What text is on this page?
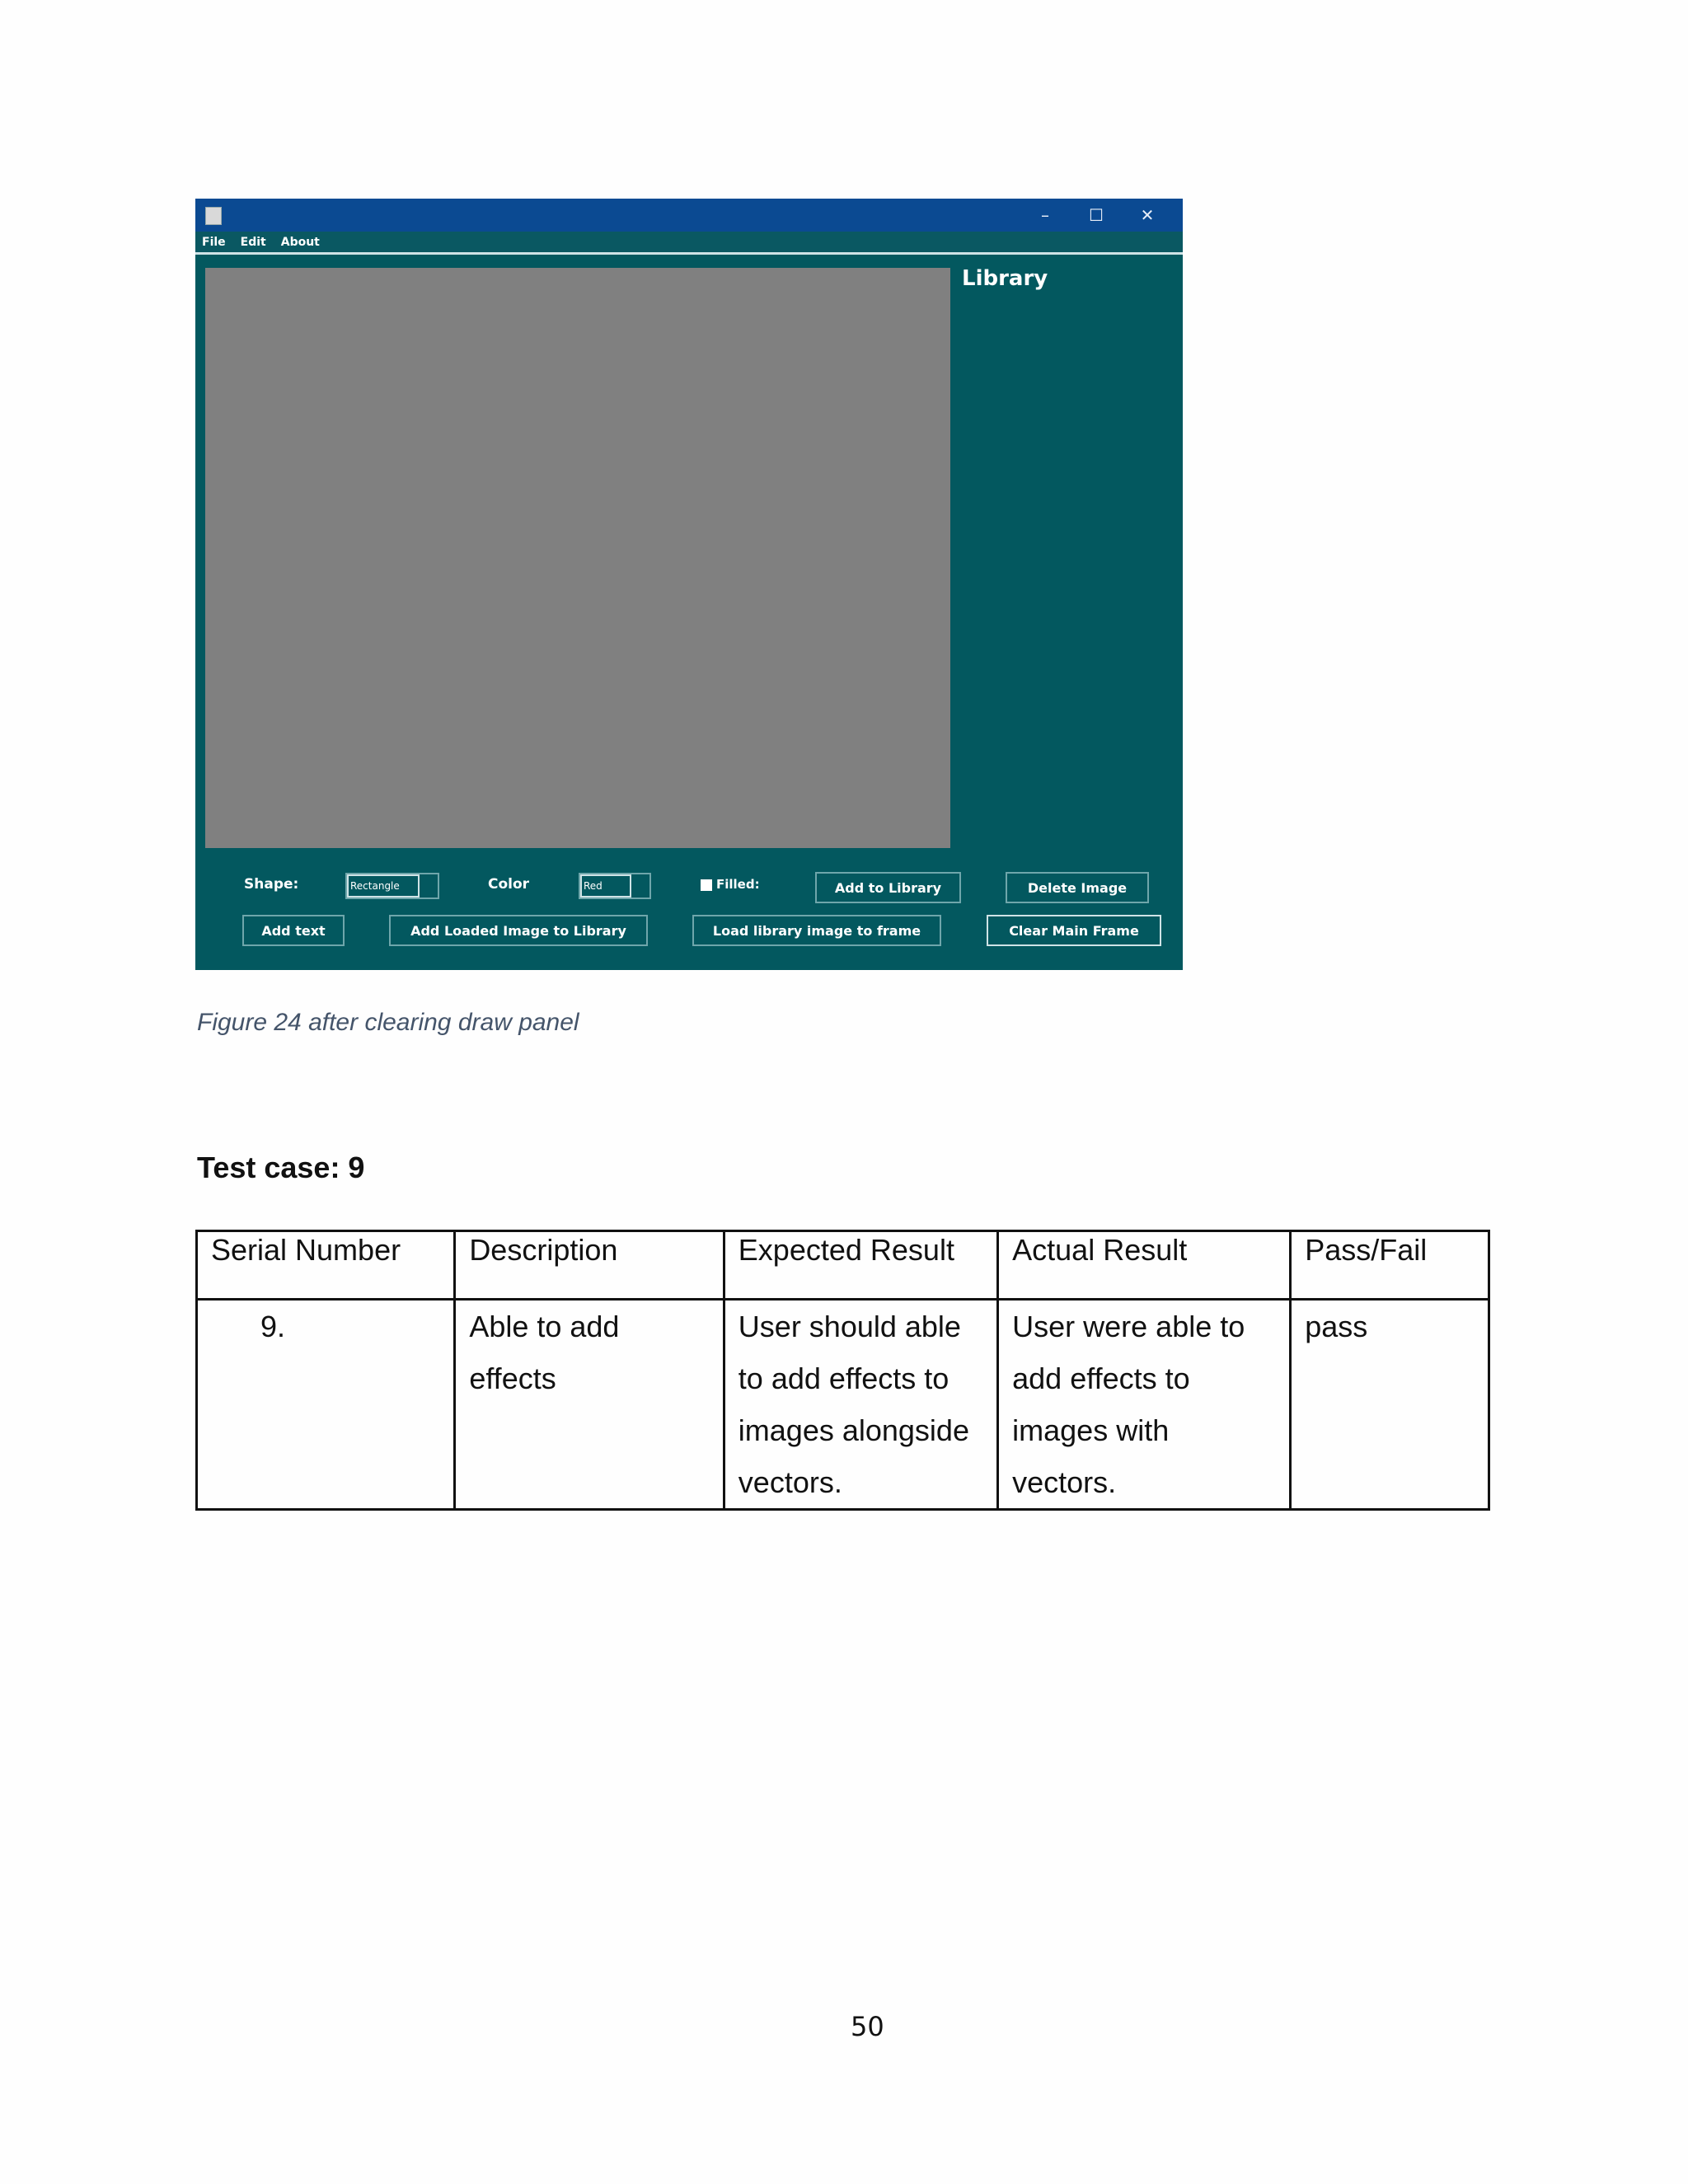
–	☐	✕
File Edit About
Library
Shape:	Rectangle	Color	Red	Filled:	Add to Library	Delete Image
Add text	Add Loaded Image to Library	Load library image to frame	Clear Main Frame
Figure 24 after clearing draw panel
Test case: 9
Serial Number	Description	Expected Result	Actual Result	Pass/Fail
9.	Able to add effects	User should able to add effects to images alongside vectors.	User were able to add effects to images with vectors.	pass
50
